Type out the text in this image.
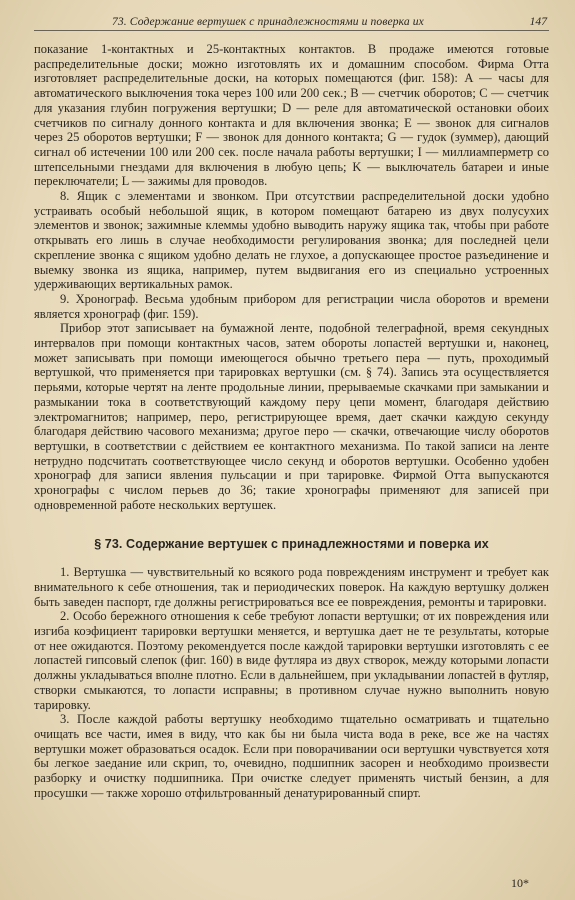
73. Содержание вертушек с принадлежностями и поверка их	147

показание 1-контактных и 25-контактных контактов. В продаже имеются готовые распределительные доски; можно изготовлять их и домашним способом. Фирма Отта изготовляет распределительные доски, на которых помещаются (фиг. 158): A — часы для автоматического выключения тока через 100 или 200 сек.; B — счетчик оборотов; C — счетчик для указания глубин погружения вертушки; D — реле для автоматической остановки обоих счетчиков по сигналу донного контакта и для включения звонка; E — звонок для сигналов через 25 оборотов вертушки; F — звонок для донного контакта; G — гудок (зуммер), дающий сигнал об истечении 100 или 200 сек. после начала работы вертушки; I — миллиамперметр со штепсельными гнездами для включения в любую цепь; K — выключатель батареи и иные переключатели; L — зажимы для проводов.

8. Ящик с элементами и звонком. При отсутствии распределительной доски удобно устраивать особый небольшой ящик, в котором помещают батарею из двух полусухих элементов и звонок; зажимные клеммы удобно выводить наружу ящика так, чтобы при работе открывать его лишь в случае необходимости регулирования звонка; для последней цели скрепление звонка с ящиком удобно делать не глухое, а допускающее простое разъединение и выемку звонка из ящика, например, путем выдвигания его из специально устроенных удерживающих вертикальных рамок.

9. Хронограф. Весьма удобным прибором для регистрации числа оборотов и времени является хронограф (фиг. 159).

Прибор этот записывает на бумажной ленте, подобной телеграфной, время секундных интервалов при помощи контактных часов, затем обороты лопастей вертушки и, наконец, может записывать при помощи имеющегося обычно третьего пера — путь, проходимый вертушкой, что применяется при тарировках вертушки (см. § 74). Запись эта осуществляется перьями, которые чертят на ленте продольные линии, прерываемые скачками при замыкании и размыкании тока в соответствующий каждому перу цепи момент, благодаря действию электромагнитов; например, перо, регистрирующее время, дает скачки каждую секунду благодаря действию часового механизма; другое перо — скачки, отвечающие числу оборотов вертушки, в соответствии с действием ее контактного механизма. По такой записи на ленте нетрудно подсчитать соответствующее число секунд и оборотов вертушки. Особенно удобен хронограф для записи явления пульсации и при тарировке. Фирмой Отта выпускаются хронографы с числом перьев до 36; такие хронографы применяют для записей при одновременной работе нескольких вертушек.

§ 73. Содержание вертушек с принадлежностями и поверка их

1. Вертушка — чувствительный ко всякого рода повреждениям инструмент и требует как внимательного к себе отношения, так и периодических поверок. На каждую вертушку должен быть заведен паспорт, где должны регистрироваться все ее повреждения, ремонты и тарировки.

2. Особо бережного отношения к себе требуют лопасти вертушки; от их повреждения или изгиба коэфициент тарировки вертушки меняется, и вертушка дает не те результаты, которые от нее ожидаются. Поэтому рекомендуется после каждой тарировки вертушки изготовлять с ее лопастей гипсовый слепок (фиг. 160) в виде футляра из двух створок, между которыми лопасти должны укладываться вполне плотно. Если в дальнейшем, при укладывании лопастей в футляр, створки смыкаются, то лопасти исправны; в противном случае нужно выполнить новую тарировку.

3. После каждой работы вертушку необходимо тщательно осматривать и тщательно очищать все части, имея в виду, что как бы ни была чиста вода в реке, все же на частях вертушки может образоваться осадок. Если при поворачивании оси вертушки чувствуется хотя бы легкое заедание или скрип, то, очевидно, подшипник засорен и необходимо произвести разборку и очистку подшипника. При очистке следует применять чистый бензин, а для просушки — также хорошо отфильтрованный денатурированный спирт.

10*
